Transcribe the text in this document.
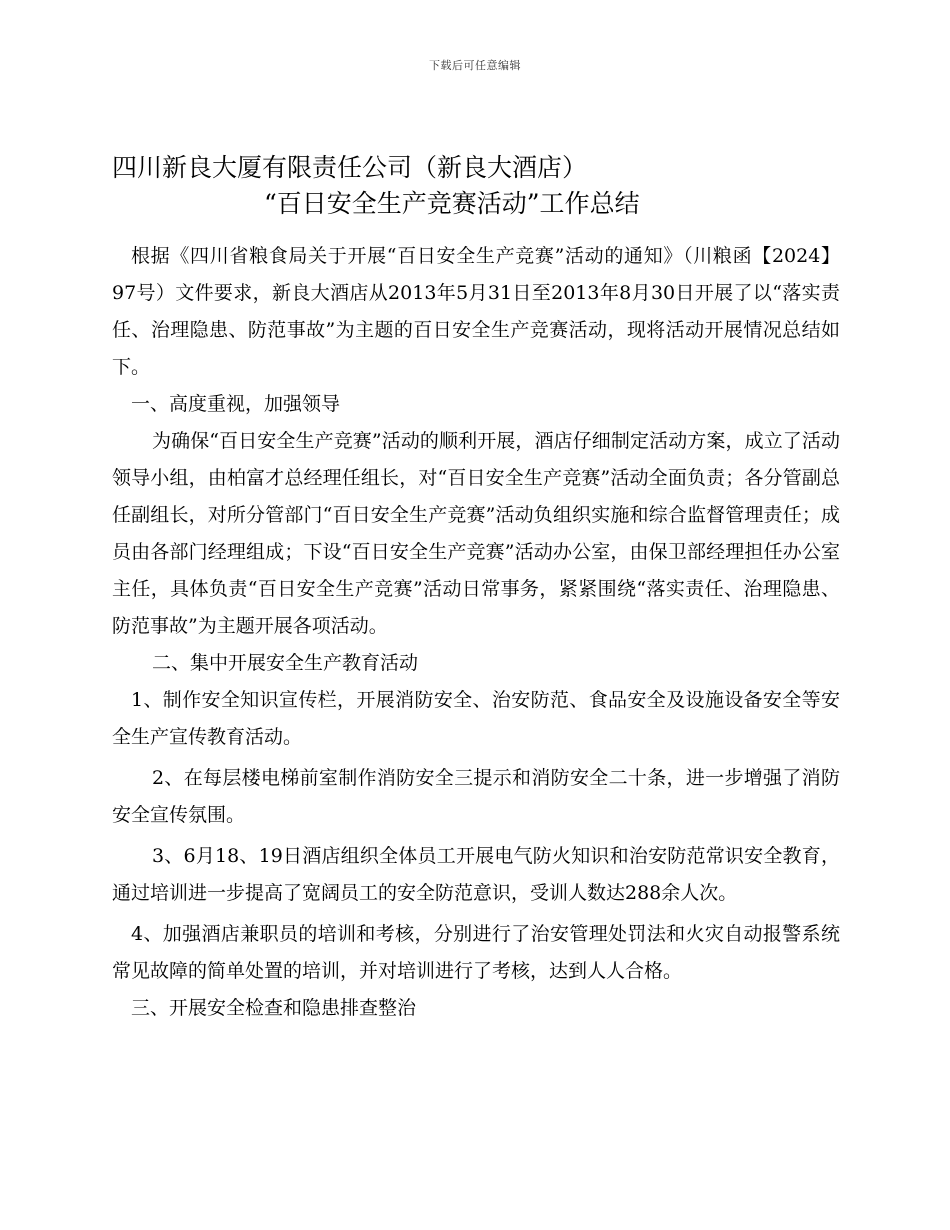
下载后可任意编辑
四川新良大厦有限责任公司（新良大酒店）
“百日安全生产竞赛活动”工作总结

根据《四川省粮食局关于开展“百日安全生产竞赛”活动的通知》（川粮函【2024】97号）文件要求，新良大酒店从2013年5月31日至2013年8月30日开展了以“落实责任、治理隐患、防范事故”为主题的百日安全生产竞赛活动，现将活动开展情况总结如下。

一、高度重视，加强领导

为确保“百日安全生产竞赛”活动的顺利开展，酒店仔细制定活动方案，成立了活动领导小组，由柏富才总经理任组长，对“百日安全生产竞赛”活动全面负责；各分管副总任副组长，对所分管部门“百日安全生产竞赛”活动负组织实施和综合监督管理责任；成员由各部门经理组成；下设“百日安全生产竞赛”活动办公室，由保卫部经理担任办公室主任，具体负责“百日安全生产竞赛”活动日常事务，紧紧围绕“落实责任、治理隐患、防范事故”为主题开展各项活动。

二、集中开展安全生产教育活动

1、制作安全知识宣传栏，开展消防安全、治安防范、食品安全及设施设备安全等安全生产宣传教育活动。

2、在每层楼电梯前室制作消防安全三提示和消防安全二十条，进一步增强了消防安全宣传氛围。

3、6月18、19日酒店组织全体员工开展电气防火知识和治安防范常识安全教育，通过培训进一步提高了宽阔员工的安全防范意识，受训人数达288余人次。

4、加强酒店兼职员的培训和考核，分别进行了治安管理处罚法和火灾自动报警系统常见故障的简单处置的培训，并对培训进行了考核，达到人人合格。

三、开展安全检查和隐患排查整治
